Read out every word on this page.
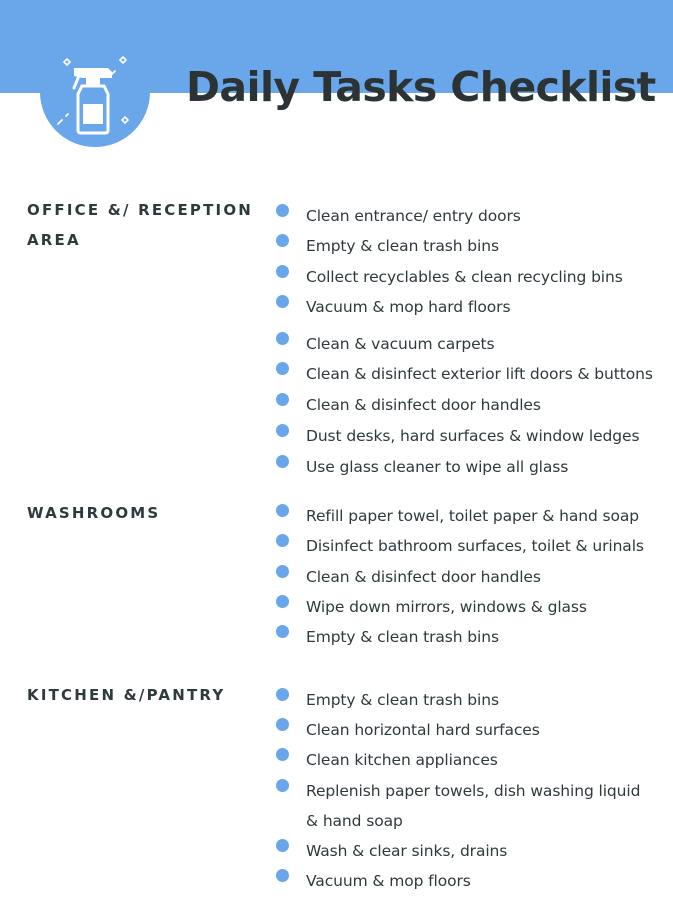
Daily Tasks Checklist
OFFICE &/ RECEPTION
AREA
Clean entrance/ entry doors
Empty & clean trash bins
Collect recyclables & clean recycling bins
Vacuum & mop hard floors
Clean & vacuum carpets
Clean & disinfect exterior lift doors & buttons
Clean & disinfect door handles
Dust desks, hard surfaces & window ledges
Use glass cleaner to wipe all glass
WASHROOMS	Refill paper towel, toilet paper & hand soap
Disinfect bathroom surfaces, toilet & urinals
Clean & disinfect door handles
Wipe down mirrors, windows & glass
Empty & clean trash bins
KITCHEN &/PANTRY	Empty & clean trash bins
Clean horizontal hard surfaces
Clean kitchen appliances
Replenish paper towels, dish washing liquid
& hand soap
Wash & clear sinks, drains
Vacuum & mop floors
